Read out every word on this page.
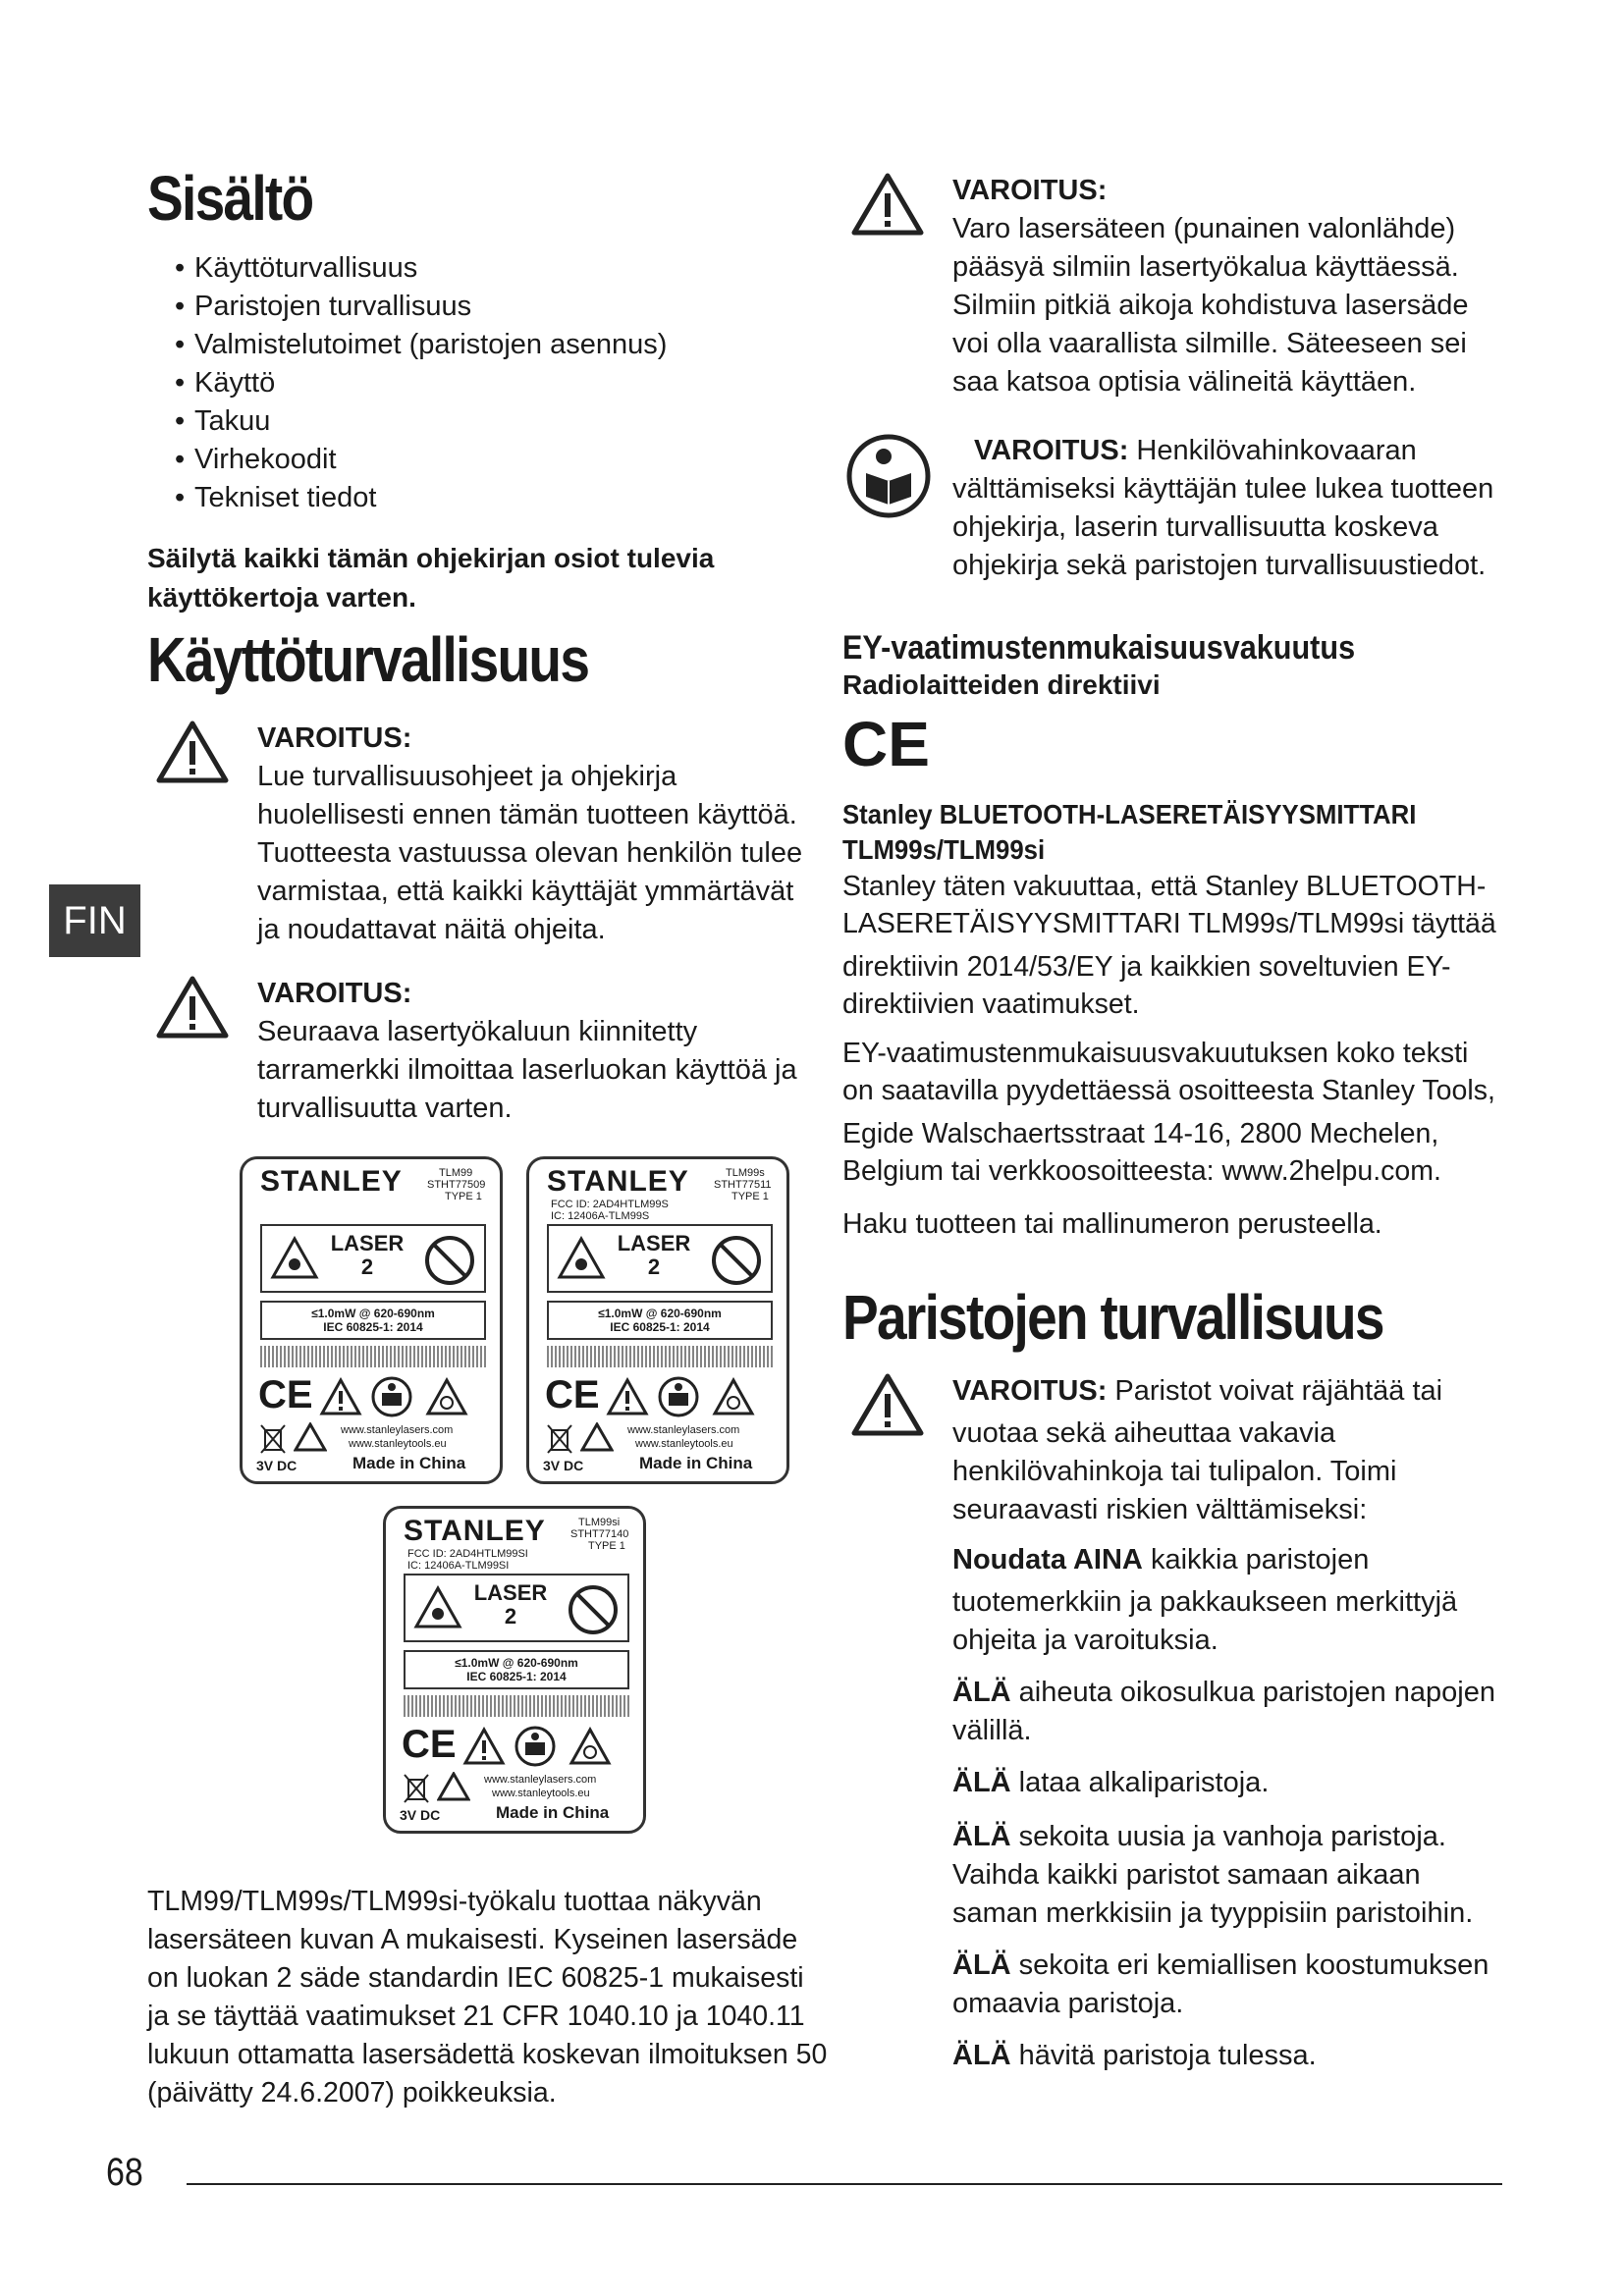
FIN
Sisältö
• Käyttöturvallisuus
• Paristojen turvallisuus
• Valmistelutoimet (paristojen asennus)
• Käyttö
• Takuu
• Virhekoodit
• Tekniset tiedot
Säilytä kaikki tämän ohjekirjan osiot tulevia
käyttökertoja varten.
Käyttöturvallisuus
VAROITUS:
Lue turvallisuusohjeet ja ohjekirja
huolellisesti ennen tämän tuotteen käyttöä.
Tuotteesta vastuussa olevan henkilön tulee
varmistaa, että kaikki käyttäjät ymmärtävät
ja noudattavat näitä ohjeita.
VAROITUS:
Seuraava lasertyökaluun kiinnitetty
tarramerkki ilmoittaa laserluokan käyttöä ja
turvallisuutta varten.
STANLEY	TLM99
STHT77509
TYPE 1
LASER
2
≤1.0mW @ 620-690nm
IEC 60825-1: 2014
CE
www.stanleylasers.com
www.stanleytools.eu
3V DC	Made in China
STANLEY	TLM99s
STHT77511
TYPE 1
FCC ID: 2AD4HTLM99S
IC: 12406A-TLM99S
LASER
2
≤1.0mW @ 620-690nm
IEC 60825-1: 2014
CE
www.stanleylasers.com
www.stanleytools.eu
3V DC	Made in China
STANLEY	TLM99si
STHT77140
TYPE 1
FCC ID: 2AD4HTLM99SI
IC: 12406A-TLM99SI
LASER
2
≤1.0mW @ 620-690nm
IEC 60825-1: 2014
CE
www.stanleylasers.com
www.stanleytools.eu
3V DC	Made in China
TLM99/TLM99s/TLM99si-työkalu tuottaa näkyvän
lasersäteen kuvan A mukaisesti. Kyseinen lasersäde
on luokan 2 säde standardin IEC 60825-1 mukaisesti
ja se täyttää vaatimukset 21 CFR 1040.10 ja 1040.11
lukuun ottamatta lasersädettä koskevan ilmoituksen 50
(päivätty 24.6.2007) poikkeuksia.
VAROITUS:
Varo lasersäteen (punainen valonlähde)
pääsyä silmiin lasertyökalua käyttäessä.
Silmiin pitkiä aikoja kohdistuva lasersäde
voi olla vaarallista silmille. Säteeseen sei
saa katsoa optisia välineitä käyttäen.
VAROITUS: Henkilövahinkovaaran
välttämiseksi käyttäjän tulee lukea tuotteen
ohjekirja, laserin turvallisuutta koskeva
ohjekirja sekä paristojen turvallisuustiedot.
EY-vaatimustenmukaisuusvakuutus
Radiolaitteiden direktiivi
CE
Stanley BLUETOOTH-LASERETÄISYYSMITTARI
TLM99s/TLM99si
Stanley täten vakuuttaa, että Stanley BLUETOOTH-
LASERETÄISYYSMITTARI TLM99s/TLM99si täyttää
direktiivin 2014/53/EY ja kaikkien soveltuvien EY-
direktiivien vaatimukset.
EY-vaatimustenmukaisuusvakuutuksen koko teksti
on saatavilla pyydettäessä osoitteesta Stanley Tools,
Egide Walschaertsstraat 14-16, 2800 Mechelen,
Belgium tai verkkoosoitteesta: www.2helpu.com.
Haku tuotteen tai mallinumeron perusteella.
Paristojen turvallisuus
VAROITUS: Paristot voivat räjähtää tai
vuotaa sekä aiheuttaa vakavia
henkilövahinkoja tai tulipalon. Toimi
seuraavasti riskien välttämiseksi:
Noudata AINA kaikkia paristojen
tuotemerkkiin ja pakkaukseen merkittyjä
ohjeita ja varoituksia.
ÄLÄ aiheuta oikosulkua paristojen napojen
välillä.
ÄLÄ lataa alkaliparistoja.
ÄLÄ sekoita uusia ja vanhoja paristoja.
Vaihda kaikki paristot samaan aikaan
saman merkkisiin ja tyyppisiin paristoihin.
ÄLÄ sekoita eri kemiallisen koostumuksen
omaavia paristoja.
ÄLÄ hävitä paristoja tulessa.
68
